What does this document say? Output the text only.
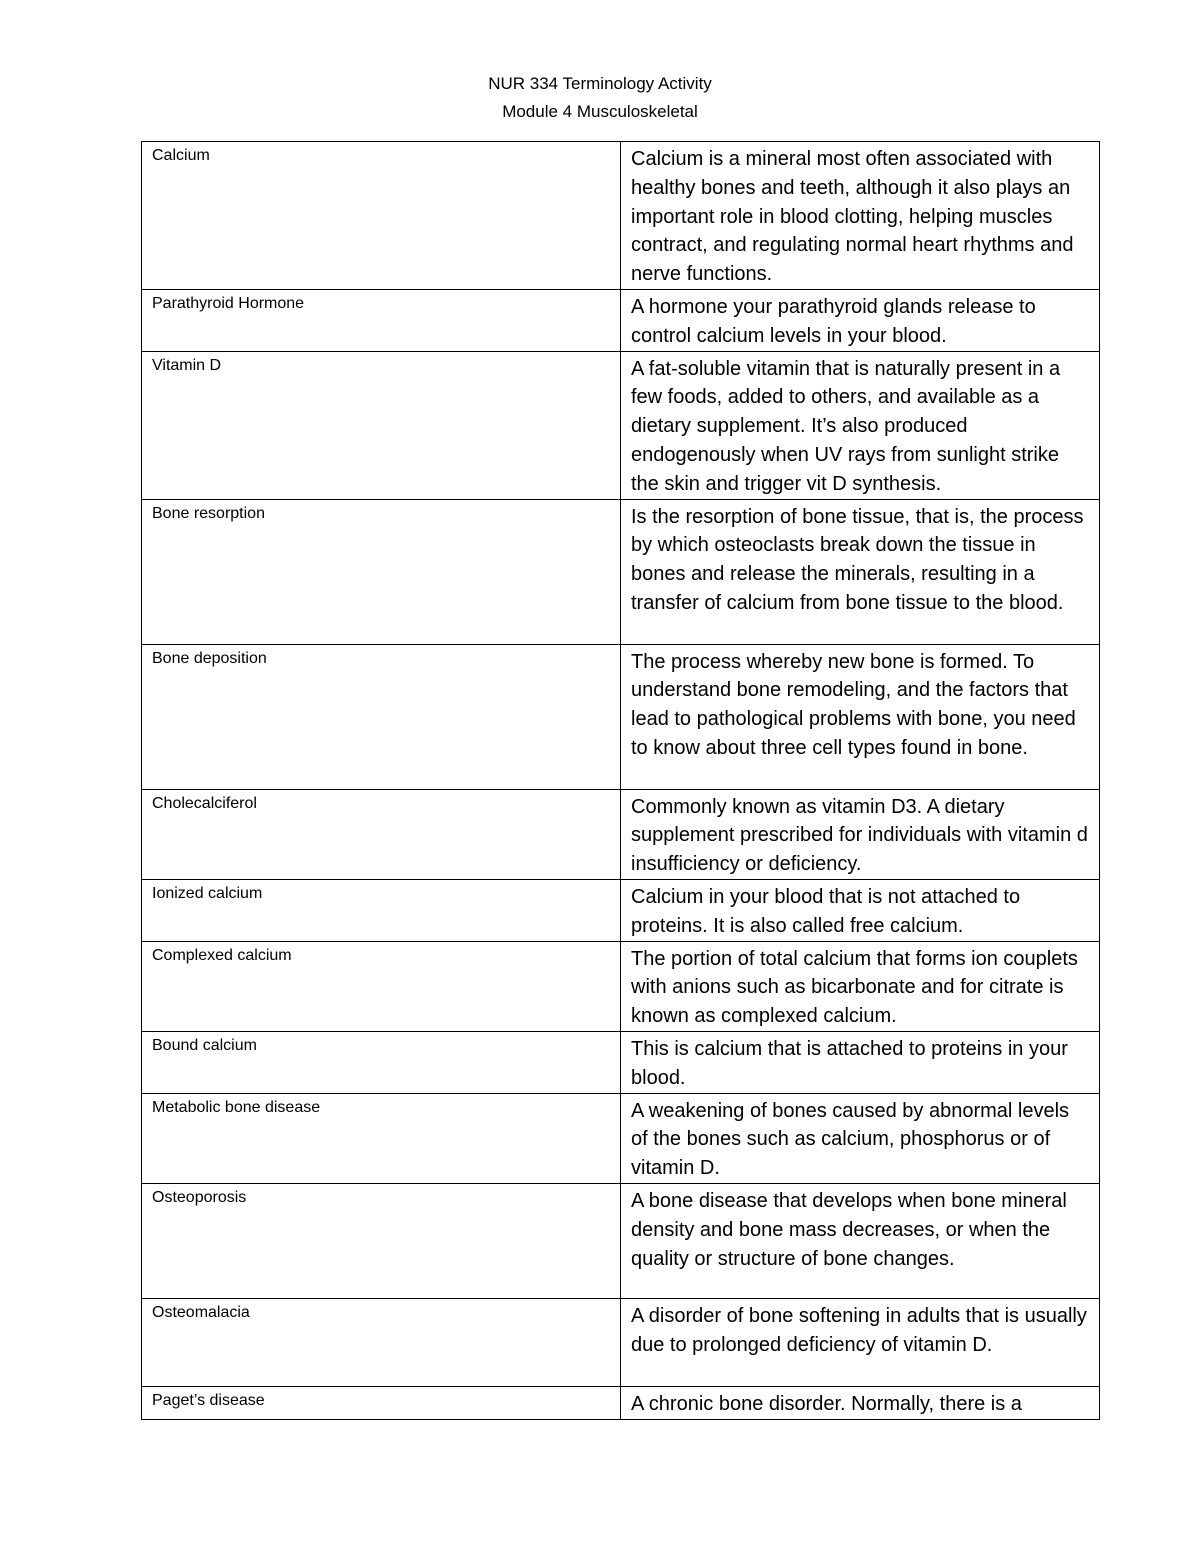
NUR 334 Terminology Activity
Module 4 Musculoskeletal
Calcium	Calcium is a mineral most often associated with healthy bones and teeth, although it also plays an important role in blood clotting, helping muscles contract, and regulating normal heart rhythms and nerve functions.
Parathyroid Hormone	A hormone your parathyroid glands release to control calcium levels in your blood.
Vitamin D	A fat-soluble vitamin that is naturally present in a few foods, added to others, and available as a dietary supplement. It’s also produced endogenously when UV rays from sunlight strike the skin and trigger vit D synthesis.
Bone resorption	Is the resorption of bone tissue, that is, the process by which osteoclasts break down the tissue in bones and release the minerals, resulting in a transfer of calcium from bone tissue to the blood.
Bone deposition	The process whereby new bone is formed. To understand bone remodeling, and the factors that lead to pathological problems with bone, you need to know about three cell types found in bone.
Cholecalciferol	Commonly known as vitamin D3. A dietary supplement prescribed for individuals with vitamin d insufficiency or deficiency.
Ionized calcium	Calcium in your blood that is not attached to proteins. It is also called free calcium.
Complexed calcium	The portion of total calcium that forms ion couplets with anions such as bicarbonate and for citrate is known as complexed calcium.
Bound calcium	This is calcium that is attached to proteins in your blood.
Metabolic bone disease	A weakening of bones caused by abnormal levels of the bones such as calcium, phosphorus or of vitamin D.
Osteoporosis	A bone disease that develops when bone mineral density and bone mass decreases, or when the quality or structure of bone changes.
Osteomalacia	A disorder of bone softening in adults that is usually due to prolonged deficiency of vitamin D.
Paget’s disease	A chronic bone disorder. Normally, there is a
